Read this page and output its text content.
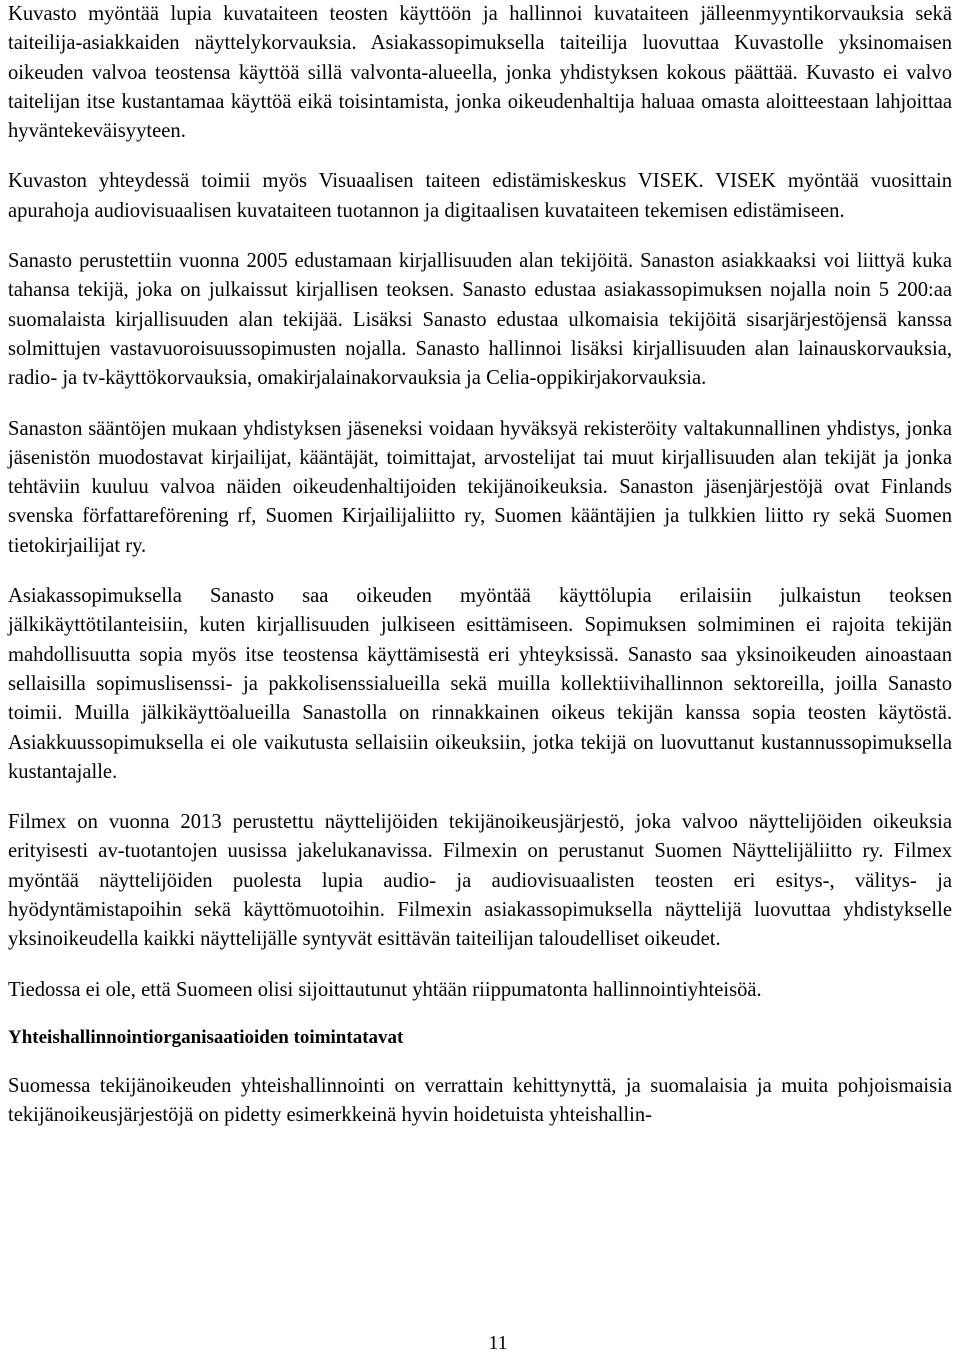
Kuvasto myöntää lupia kuvataiteen teosten käyttöön ja hallinnoi kuvataiteen jälleenmyyntikorvauksia sekä taiteilija-asiakkaiden näyttelykorvauksia. Asiakassopimuksella taiteilija luovuttaa Kuvastolle yksinomaisen oikeuden valvoa teostensa käyttöä sillä valvonta-alueella, jonka yhdistyksen kokous päättää. Kuvasto ei valvo taitelijan itse kustantamaa käyttöä eikä toisintamista, jonka oikeudenhaltija haluaa omasta aloitteestaan lahjoittaa hyväntekeväisyyteen.

Kuvaston yhteydessä toimii myös Visuaalisen taiteen edistämiskeskus VISEK. VISEK myöntää vuosittain apurahoja audiovisuaalisen kuvataiteen tuotannon ja digitaalisen kuvataiteen tekemisen edistämiseen.

Sanasto perustettiin vuonna 2005 edustamaan kirjallisuuden alan tekijöitä. Sanaston asiakkaaksi voi liittyä kuka tahansa tekijä, joka on julkaissut kirjallisen teoksen. Sanasto edustaa asiakassopimuksen nojalla noin 5 200:aa suomalaista kirjallisuuden alan tekijää. Lisäksi Sanasto edustaa ulkomaisia tekijöitä sisarjärjestöjensä kanssa solmittujen vastavuoroisuussopimusten nojalla. Sanasto hallinnoi lisäksi kirjallisuuden alan lainauskorvauksia, radio- ja tv-käyttökorvauksia, omakirjalainakorvauksia ja Celia-oppikirjakorvauksia.

Sanaston sääntöjen mukaan yhdistyksen jäseneksi voidaan hyväksyä rekisteröity valtakunnallinen yhdistys, jonka jäsenistön muodostavat kirjailijat, kääntäjät, toimittajat, arvostelijat tai muut kirjallisuuden alan tekijät ja jonka tehtäviin kuuluu valvoa näiden oikeudenhaltijoiden tekijänoikeuksia. Sanaston jäsenjärjestöjä ovat Finlands svenska författareförening rf, Suomen Kirjailijaliitto ry, Suomen kääntäjien ja tulkkien liitto ry sekä Suomen tietokirjailijat ry.

Asiakassopimuksella Sanasto saa oikeuden myöntää käyttölupia erilaisiin julkaistun teoksen jälkikäyttötilanteisiin, kuten kirjallisuuden julkiseen esittämiseen. Sopimuksen solmiminen ei rajoita tekijän mahdollisuutta sopia myös itse teostensa käyttämisestä eri yhteyksissä. Sanasto saa yksinoikeuden ainoastaan sellaisilla sopimuslisenssi- ja pakkolisenssialueilla sekä muilla kollektiivihallinnon sektoreilla, joilla Sanasto toimii. Muilla jälkikäyttöalueilla Sanastolla on rinnakkainen oikeus tekijän kanssa sopia teosten käytöstä. Asiakkuussopimuksella ei ole vaikutusta sellaisiin oikeuksiin, jotka tekijä on luovuttanut kustannussopimuksella kustantajalle.

Filmex on vuonna 2013 perustettu näyttelijöiden tekijänoikeusjärjestö, joka valvoo näyttelijöiden oikeuksia erityisesti av-tuotantojen uusissa jakelukanavissa. Filmexin on perustanut Suomen Näyttelijäliitto ry. Filmex myöntää näyttelijöiden puolesta lupia audio- ja audiovisuaalisten teosten eri esitys-, välitys- ja hyödyntämistapoihin sekä käyttömuotoihin. Filmexin asiakassopimuksella näyttelijä luovuttaa yhdistykselle yksinoikeudella kaikki näyttelijälle syntyvät esittävän taiteilijan taloudelliset oikeudet.

Tiedossa ei ole, että Suomeen olisi sijoittautunut yhtään riippumatonta hallinnointiyhteisöä.

Yhteishallinnointiorganisaatioiden toimintatavat

Suomessa tekijänoikeuden yhteishallinnointi on verrattain kehittynyttä, ja suomalaisia ja muita pohjoismaisia tekijänoikeusjärjestöjä on pidetty esimerkkeinä hyvin hoidetuista yhteishallin-

11
